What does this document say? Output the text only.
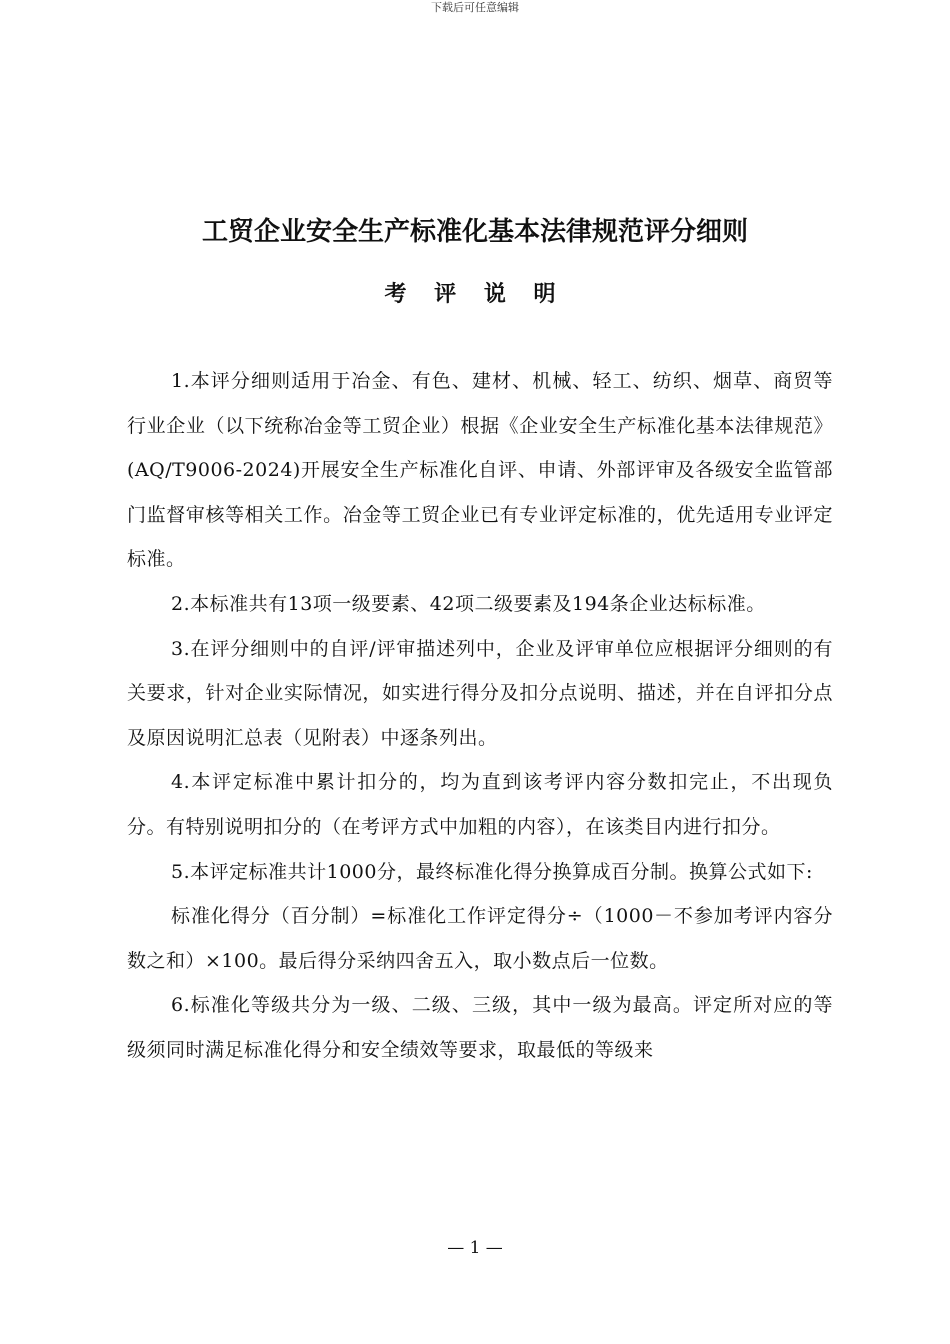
下载后可任意编辑
工贸企业安全生产标准化基本法律规范评分细则
考 评 说 明

1.本评分细则适用于冶金、有色、建材、机械、轻工、纺织、烟草、商贸等行业企业（以下统称冶金等工贸企业）根据《企业安全生产标准化基本法律规范》(AQ/T9006-2024)开展安全生产标准化自评、申请、外部评审及各级安全监管部门监督审核等相关工作。冶金等工贸企业已有专业评定标准的，优先适用专业评定标准。

2.本标准共有13项一级要素、42项二级要素及194条企业达标标准。

3.在评分细则中的自评/评审描述列中，企业及评审单位应根据评分细则的有关要求，针对企业实际情况，如实进行得分及扣分点说明、描述，并在自评扣分点及原因说明汇总表（见附表）中逐条列出。

4.本评定标准中累计扣分的，均为直到该考评内容分数扣完止，不出现负分。有特别说明扣分的（在考评方式中加粗的内容），在该类目内进行扣分。

5.本评定标准共计1000分，最终标准化得分换算成百分制。换算公式如下:

标准化得分（百分制）=标准化工作评定得分÷（1000－不参加考评内容分数之和）×100。最后得分采纳四舍五入，取小数点后一位数。

6.标准化等级共分为一级、二级、三级，其中一级为最高。评定所对应的等级须同时满足标准化得分和安全绩效等要求，取最低的等级来

— 1 —
